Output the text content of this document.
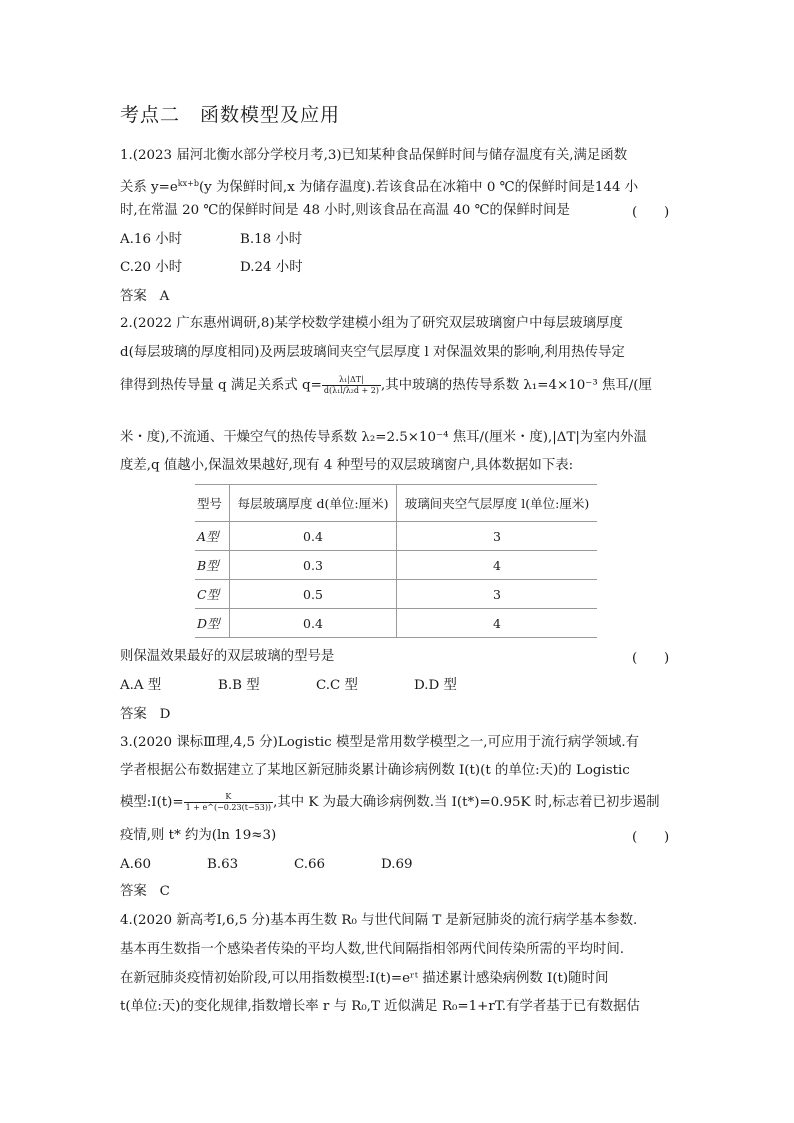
考点二　函数模型及应用
1.(2023 届河北衡水部分学校月考,3)已知某种食品保鲜时间与储存温度有关,满足函数
关系 $y=e^{kx+b}(y$ 为保鲜时间,x 为储存温度).若该食品在冰箱中 0 ℃的保鲜时间是144 小
时,在常温 20 ℃的保鲜时间是 48 小时,则该食品在高温 40 ℃的保鲜时间是	(　　)
A.16 小时	B.18 小时
C.20 小时	D.24 小时
答案 A
2.(2022 广东惠州调研,8)某学校数学建模小组为了研究双层玻璃窗户中每层玻璃厚度
d(每层玻璃的厚度相同)及两层玻璃间夹空气层厚度 l 对保温效果的影响,利用热传导定
律得到热传导量 q 满足关系式 $q= \frac{\text{λ₁|ΔT|}}{\text{d(λ₁l/λ₂d + 2)}}$ ,其中玻璃的热传导系数 λ₁=4×10⁻³ 焦耳/(厘
米・度),不流通、干燥空气的热传导系数 λ₂=2.5×10⁻⁴ 焦耳/(厘米・度),|ΔT|为室内外温
度差,q 值越小,保温效果越好,现有 4 种型号的双层玻璃窗户,具体数据如下表:
型号	每层玻璃厚度 d(单位:厘米)	玻璃间夹空气层厚度 l(单位:厘米)
A型	0.4	3
B型	0.3	4
C型	0.5	3
D型	0.4	4
则保温效果最好的双层玻璃的型号是	(　　)
A.A 型	B.B 型	C.C 型	D.D 型
答案 D
3.(2020 课标Ⅲ理,4,5 分)Logistic 模型是常用数学模型之一,可应用于流行病学领域.有
学者根据公布数据建立了某地区新冠肺炎累计确诊病例数 I(t)(t 的单位:天)的 Logistic
模型:I(t)= $\frac{K}{1 + e\^{}(-0.23(t-53))}$ ,其中 K 为最大确诊病例数.当 I(t*)=0.95K 时,标志着已初步遏制
疫情,则 t* 约为(ln 19≈3)	(　　)
A.60	B.63	C.66	D.69
答案 C
4.(2020 新高考Ⅰ,6,5 分)基本再生数 R₀ 与世代间隔 T 是新冠肺炎的流行病学基本参数.
基本再生数指一个感染者传染的平均人数,世代间隔指相邻两代间传染所需的平均时间.
在新冠肺炎疫情初始阶段,可以用指数模型:I(t)=eʳᵗ 描述累计感染病例数 I(t)随时间
t(单位:天)的变化规律,指数增长率 r 与 R₀,T 近似满足 R₀=1+rT.有学者基于已有数据估
